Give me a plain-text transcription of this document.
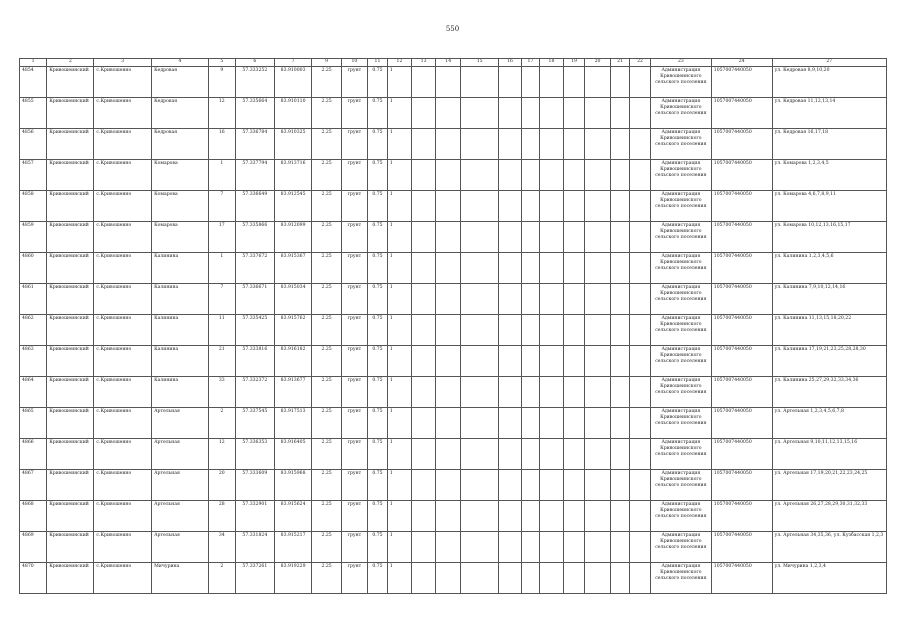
550
1	2	3	4	5	6	7	9	10	11	12	13	14	15	16	17	18	19	20	21	22	23	24	27
4854	Кривошеинский	с.Кривошеино	Кедровая	9	57.333252	83.910003	2.25	грунт	0.75	1											Администрация Кривошеинского сельского поселения	1057007440050	ул. Кедровая 8,9,10,20
4855	Кривошеинский	с.Кривошеино	Кедровая	12	57.335664	83.910110	2.25	грунт	0.75	1											Администрация Кривошеинского сельского поселения	1057007440050	ул. Кедровая 11,12,13,14
4856	Кривошеинский	с.Кривошеино	Кедровая	16	57.336784	83.910325	2.25	грунт	0.75	1											Администрация Кривошеинского сельского поселения	1057007440050	ул. Кедровая 16,17,18
4857	Кривошеинский	с.Кривошеино	Комарова	1	57.337794	83.913716	2.25	грунт	0.75	1											Администрация Кривошеинского сельского поселения	1057007440050	ул. Комарова 1,2,3,4,5
4858	Кривошеинский	с.Кривошеино	Комарова	7	57.336649	83.912545	2.25	грунт	0.75	1											Администрация Кривошеинского сельского поселения	1057007440050	ул. Комарова 4,6,7,8,9,11
4859	Кривошеинский	с.Кривошеино	Комарова	17	57.335866	83.912099	2.25	грунт	0.75	1											Администрация Кривошеинского сельского поселения	1057007440050	ул. Комарова 10,12,13,16,15,17
4860	Кривошеинский	с.Кривошеино	Калинина	1	57.337672	83.915367	2.25	грунт	0.75	1											Администрация Кривошеинского сельского поселения	1057007440050	ул. Калинина 1,2,3,4,5,6
4861	Кривошеинский	с.Кривошеино	Калинина	7	57.336671	83.915034	2.25	грунт	0.75	1											Администрация Кривошеинского сельского поселения	1057007440050	ул. Калинина 7,9,10,12,14,16
4862	Кривошеинский	с.Кривошеино	Калинина	11	57.335425	83.915762	2.25	грунт	0.75	1											Администрация Кривошеинского сельского поселения	1057007440050	ул. Калинина 11,13,15,18,20,22
4863	Кривошеинский	с.Кривошеино	Калинина	21	57.333816	83.916182	2.25	грунт	0.75	1											Администрация Кривошеинского сельского поселения	1057007440050	ул. Калинина 17,19,21,23,25,28,28,30
4864	Кривошеинский	с.Кривошеино	Калинина	33	57.332372	83.913677	2.25	грунт	0.75	1											Администрация Кривошеинского сельского поселения	1057007440050	ул. Калинина 25,27,29,32,33,34,36
4865	Кривошеинский	с.Кривошеино	Артельная	2	57.337545	83.917513	2.25	грунт	0.75	1											Администрация Кривошеинского сельского поселения	1057007440050	ул. Артельная 1,2,3,4,5,6,7,8
4866	Кривошеинский	с.Кривошеино	Артельная	12	57.336353	83.916405	2.25	грунт	0.75	1											Администрация Кривошеинского сельского поселения	1057007440050	ул. Артельная 9,10,11,12,13,15,16
4867	Кривошеинский	с.Кривошеино	Артельная	20	57.333609	83.915968	2.25	грунт	0.75	1											Администрация Кривошеинского сельского поселения	1057007440050	ул. Артельная 17,19,20,21,22,23,24,25
4868	Кривошеинский	с.Кривошеино	Артельная	28	57.332901	83.915624	2.25	грунт	0.75	1											Администрация Кривошеинского сельского поселения	1057007440050	ул. Артельная 26,27,28,29,30,31,32,33
4869	Кривошеинский	с.Кривошеино	Артельная	34	57.331824	83.915217	2.25	грунт	0.75	1											Администрация Кривошеинского сельского поселения	1057007440050	ул. Артельная 34,35,36, ул. Кузбасская 1,2,3
4870	Кривошеинский	с.Кривошеино	Мичурина	2	57.337261	83.919229	2.25	грунт	0.75	1											Администрация Кривошеинского сельского поселения	1057007440050	ул. Мичурина 1,2,3,4
